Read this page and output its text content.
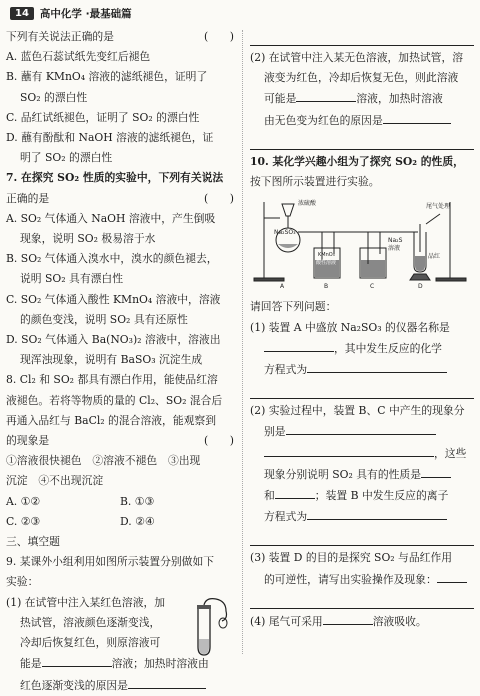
14	高中化学 ·最基础篇

下列有关说法正确的是	(　　)

A. 蓝色石蕊试纸先变红后褪色

B. 蘸有 KMnO₄ 溶液的滤纸褪色，证明了

SO₂ 的漂白性

C. 品红试纸褪色，证明了 SO₂ 的漂白性

D. 蘸有酚酞和 NaOH 溶液的滤纸褪色，证

明了 SO₂ 的漂白性

7. 在探究 SO₂ 性质的实验中，下列有关说法

正确的是	(　　)

A. SO₂ 气体通入 NaOH 溶液中，产生倒吸

现象，说明 SO₂ 极易溶于水

B. SO₂ 气体通入溴水中，溴水的颜色褪去，

说明 SO₂ 具有漂白性

C. SO₂ 气体通入酸性 KMnO₄ 溶液中，溶液

的颜色变浅，说明 SO₂ 具有还原性

D. SO₂ 气体通入 Ba(NO₃)₂ 溶液中，溶液出

现浑浊现象，说明有 BaSO₃ 沉淀生成

8. Cl₂ 和 SO₂ 都具有漂白作用，能使品红溶

液褪色。若将等物质的量的 Cl₂、SO₂ 混合后

再通入品红与 BaCl₂ 的混合溶液，能观察到

的现象是	(　　)

①溶液很快褪色　②溶液不褪色　③出现

沉淀　④不出现沉淀

A. ①②	B. ①③
C. ②③	D. ②④

三、填空题

9. 某课外小组利用如图所示装置分别做如下

实验：

(1) 在试管中注入某红色溶液，加

热试管，溶液颜色逐渐变浅，

冷却后恢复红色，则原溶液可

能是	溶液；加热时溶液由

红色逐渐变浅的原因是

(2) 在试管中注入某无色溶液，加热试管，溶

液变为红色，冷却后恢复无色，则此溶液

可能是	溶液，加热时溶液

由无色变为红色的原因是

10. 某化学兴趣小组为了探究 SO₂ 的性质，

按下图所示装置进行实验。

浓硫酸
Na₂SO₃
KMnO₄
酸性溶液
Na₂S
溶液
尾气处理
品红
A	B	C	D

请回答下列问题：

(1) 装置 A 中盛放 Na₂SO₃ 的仪器名称是

，其中发生反应的化学

方程式为

(2) 实验过程中，装置 B、C 中产生的现象分

别是

，这些

现象分别说明 SO₂ 具有的性质是

和	；装置 B 中发生反应的离子

方程式为

(3) 装置 D 的目的是探究 SO₂ 与品红作用

的可逆性，请写出实验操作及现象：

(4) 尾气可采用	溶液吸收。
